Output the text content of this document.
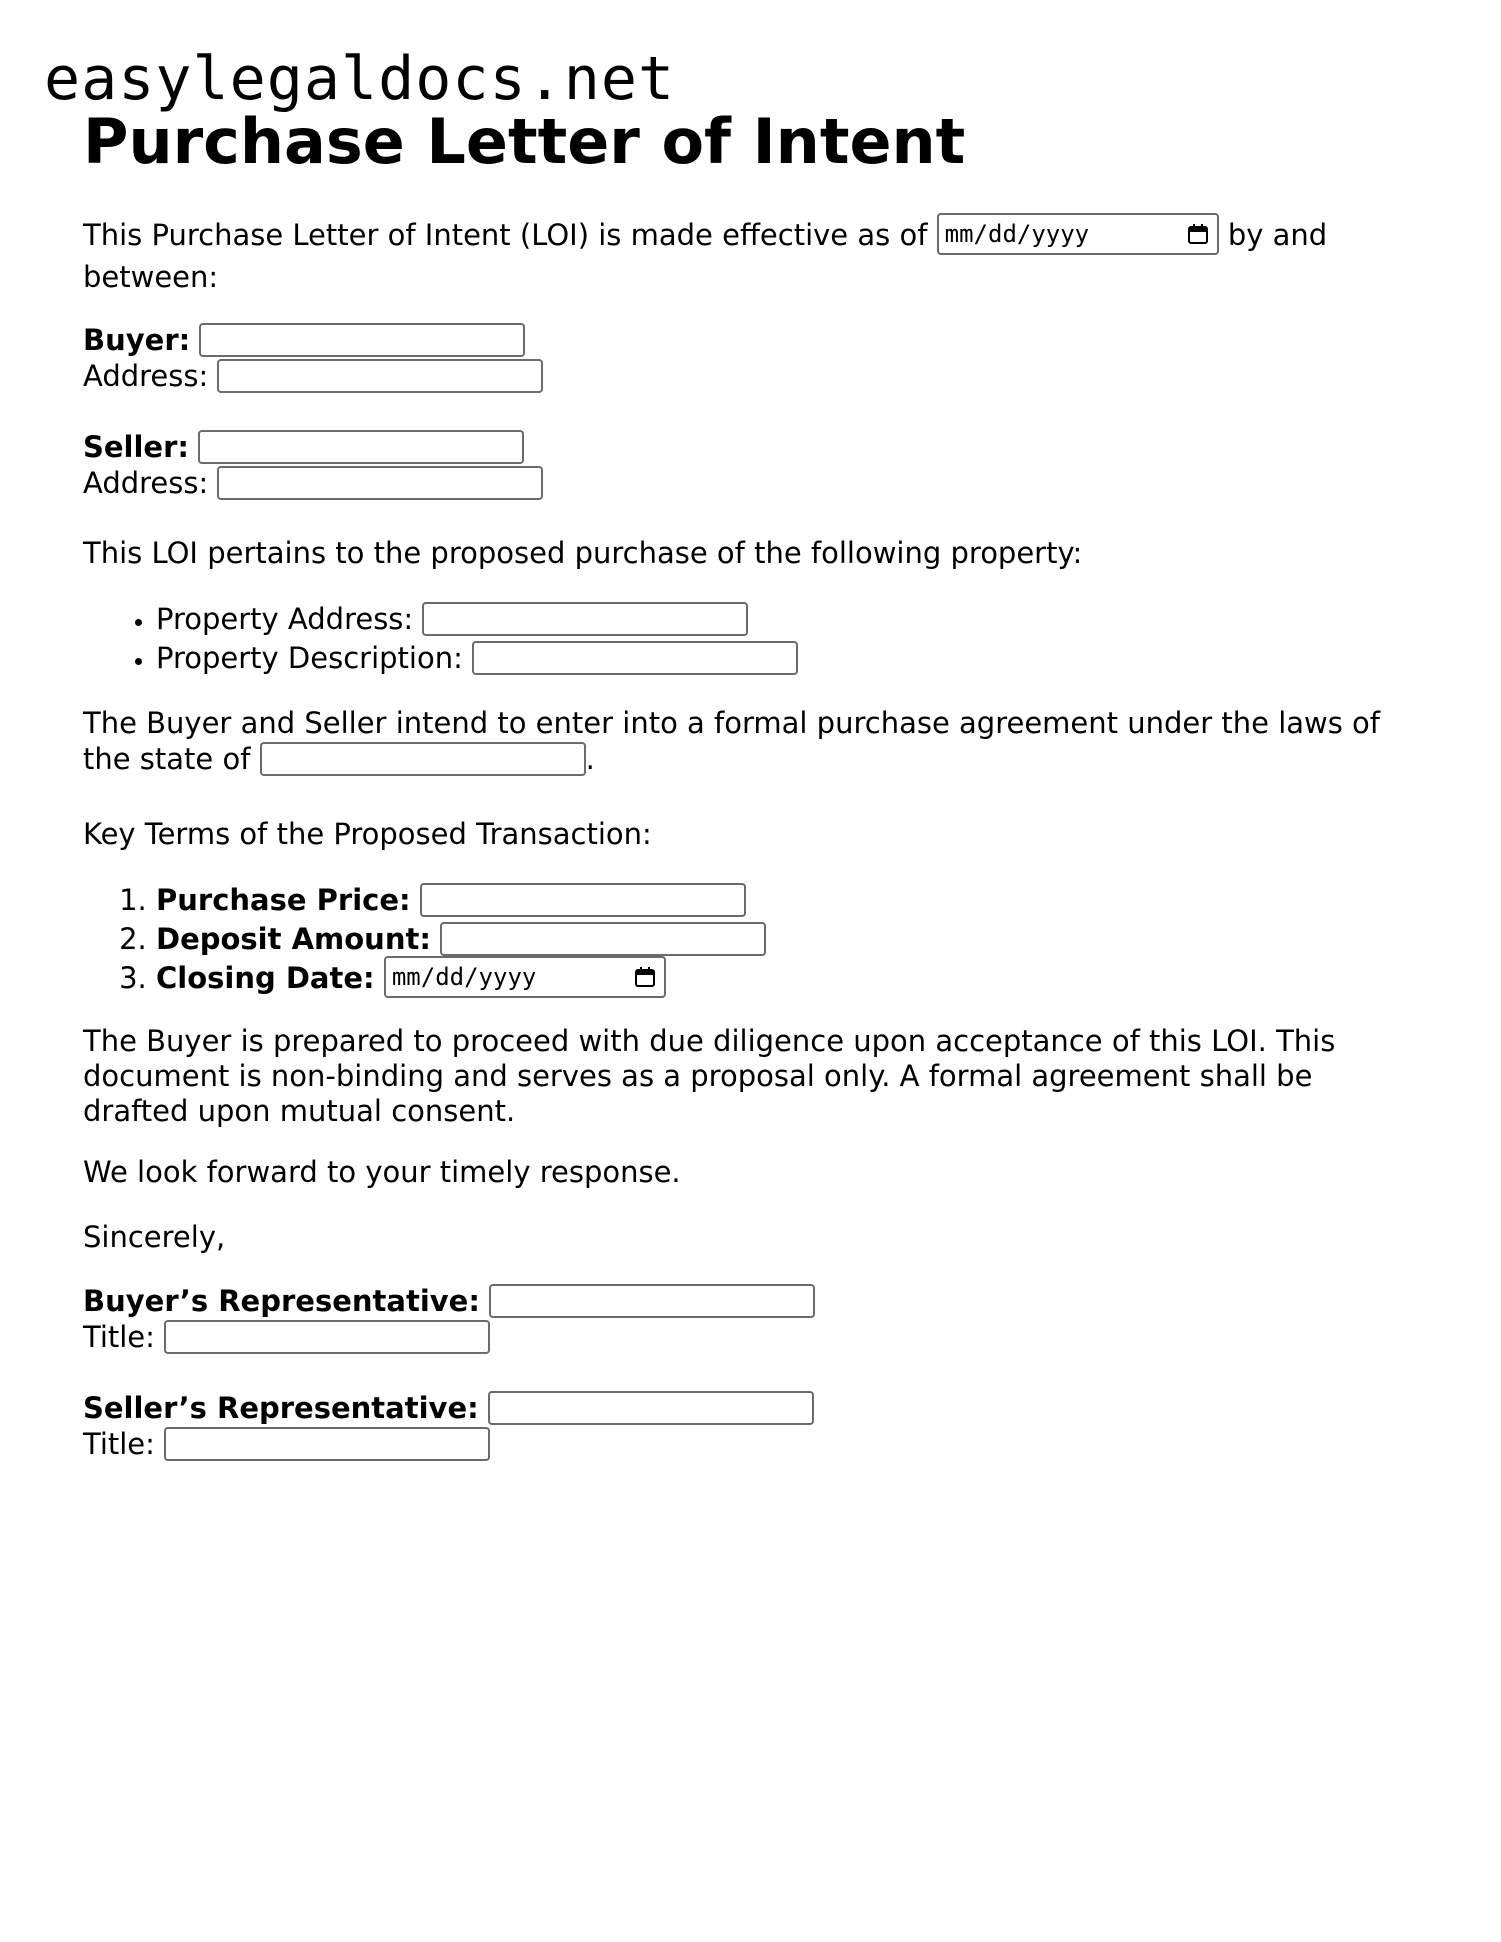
easylegaldocs.net
Purchase Letter of Intent
This Purchase Letter of Intent (LOI) is made effective as of mm/dd/yyyy	by and between:
Buyer:
Address:
Seller:
Address:

This LOI pertains to the proposed purchase of the following property:

• Property Address:
• Property Description:
The Buyer and Seller intend to enter into a formal purchase agreement under the laws of the state of	.

Key Terms of the Proposed Transaction:

1. Purchase Price:
2. Deposit Amount:
3. Closing Date: mm/dd/yyyy

The Buyer is prepared to proceed with due diligence upon acceptance of this LOI. This document is non-binding and serves as a proposal only. A formal agreement shall be drafted upon mutual consent.

We look forward to your timely response.

Sincerely,

Buyer’s Representative:
Title:
Seller’s Representative:
Title:
